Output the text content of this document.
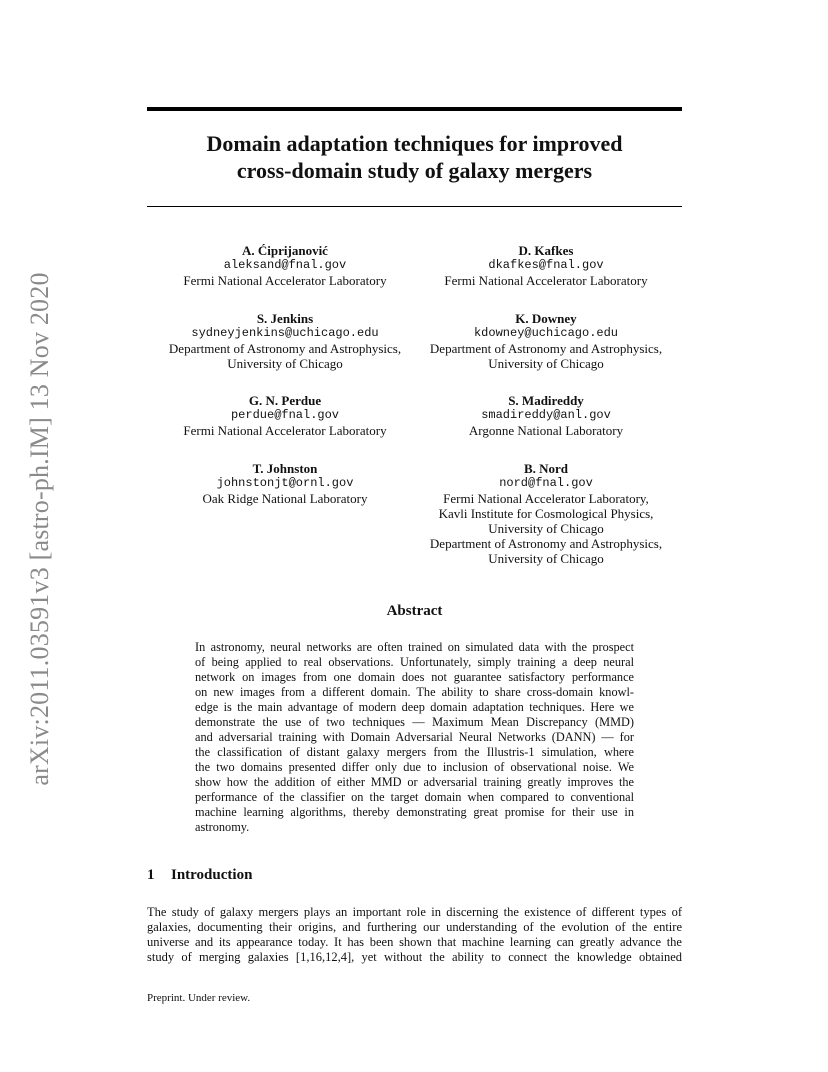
arXiv:2011.03591v3 [astro-ph.IM] 13 Nov 2020
Domain adaptation techniques for improved
cross-domain study of galaxy mergers
A. Ćiprijanović
aleksand@fnal.gov
Fermi National Accelerator Laboratory
D. Kafkes
dkafkes@fnal.gov
Fermi National Accelerator Laboratory
S. Jenkins
sydneyjenkins@uchicago.edu
Department of Astronomy and Astrophysics,
University of Chicago
K. Downey
kdowney@uchicago.edu
Department of Astronomy and Astrophysics,
University of Chicago
G. N. Perdue
perdue@fnal.gov
Fermi National Accelerator Laboratory
S. Madireddy
smadireddy@anl.gov
Argonne National Laboratory
T. Johnston
johnstonjt@ornl.gov
Oak Ridge National Laboratory
B. Nord
nord@fnal.gov
Fermi National Accelerator Laboratory,
Kavli Institute for Cosmological Physics,
University of Chicago
Department of Astronomy and Astrophysics,
University of Chicago
Abstract
In astronomy, neural networks are often trained on simulated data with the prospect
of being applied to real observations. Unfortunately, simply training a deep neural
network on images from one domain does not guarantee satisfactory performance
on new images from a different domain. The ability to share cross-domain knowl-
edge is the main advantage of modern deep domain adaptation techniques. Here we
demonstrate the use of two techniques — Maximum Mean Discrepancy (MMD)
and adversarial training with Domain Adversarial Neural Networks (DANN) — for
the classification of distant galaxy mergers from the Illustris-1 simulation, where
the two domains presented differ only due to inclusion of observational noise. We
show how the addition of either MMD or adversarial training greatly improves the
performance of the classifier on the target domain when compared to conventional
machine learning algorithms, thereby demonstrating great promise for their use in
astronomy.
1 Introduction
The study of galaxy mergers plays an important role in discerning the existence of different types of
galaxies, documenting their origins, and furthering our understanding of the evolution of the entire
universe and its appearance today. It has been shown that machine learning can greatly advance the
study of merging galaxies [1,16,12,4], yet without the ability to connect the knowledge obtained
Preprint. Under review.
